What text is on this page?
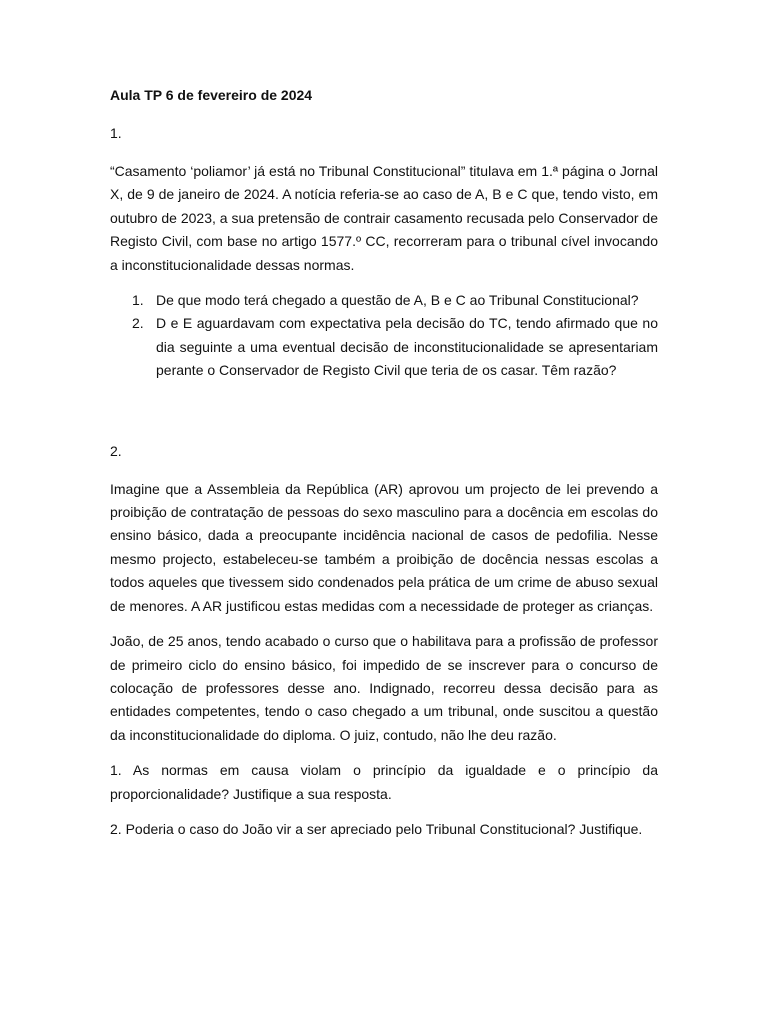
Aula TP 6 de fevereiro de 2024
1.

“Casamento ‘poliamor’ já está no Tribunal Constitucional” titulava em 1.ª página o Jornal X, de 9 de janeiro de 2024. A notícia referia-se ao caso de A, B e C que, tendo visto, em outubro de 2023, a sua pretensão de contrair casamento recusada pelo Conservador de Registo Civil, com base no artigo 1577.º CC, recorreram para o tribunal cível invocando a inconstitucionalidade dessas normas.

1. De que modo terá chegado a questão de A, B e C ao Tribunal Constitucional?
2. D e E aguardavam com expectativa pela decisão do TC, tendo afirmado que no dia seguinte a uma eventual decisão de inconstitucionalidade se apresentariam perante o Conservador de Registo Civil que teria de os casar. Têm razão?
2.

Imagine que a Assembleia da República (AR) aprovou um projecto de lei prevendo a proibição de contratação de pessoas do sexo masculino para a docência em escolas do ensino básico, dada a preocupante incidência nacional de casos de pedofilia. Nesse mesmo projecto, estabeleceu-se também a proibição de docência nessas escolas a todos aqueles que tivessem sido condenados pela prática de um crime de abuso sexual de menores. A AR justificou estas medidas com a necessidade de proteger as crianças.

João, de 25 anos, tendo acabado o curso que o habilitava para a profissão de professor de primeiro ciclo do ensino básico, foi impedido de se inscrever para o concurso de colocação de professores desse ano. Indignado, recorreu dessa decisão para as entidades competentes, tendo o caso chegado a um tribunal, onde suscitou a questão da inconstitucionalidade do diploma. O juiz, contudo, não lhe deu razão.

1. As normas em causa violam o princípio da igualdade e o princípio da proporcionalidade? Justifique a sua resposta.

2. Poderia o caso do João vir a ser apreciado pelo Tribunal Constitucional? Justifique.
